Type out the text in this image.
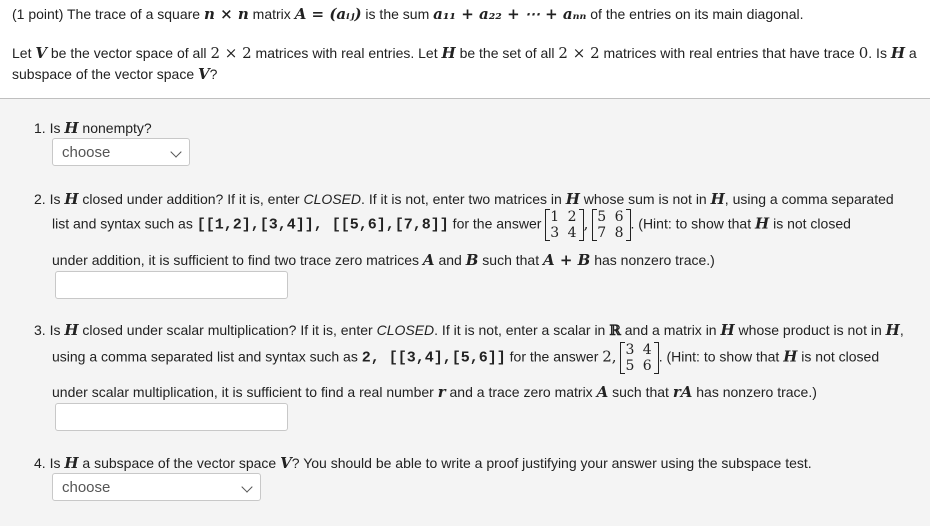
(1 point) The trace of a square n × n matrix A = (aᵢⱼ) is the sum a₁₁ + a₂₂ + ⋯ + aₙₙ of the entries on its main diagonal.
Let V be the vector space of all 2 × 2 matrices with real entries. Let H be the set of all 2 × 2 matrices with real entries that have trace 0. Is H a
subspace of the vector space V?
1. Is H nonempty?
choose
2. Is H closed under addition? If it is, enter CLOSED. If it is not, enter two matrices in H whose sum is not in H, using a comma separated
list and syntax such as [[1,2],[3,4]], [[5,6],[7,8]] for the answer 1 2
3 4
, 5 6
7 8
. (Hint: to show that H is not closed
under addition, it is sufficient to find two trace zero matrices A and B such that A + B has nonzero trace.)
3. Is H closed under scalar multiplication? If it is, enter CLOSED. If it is not, enter a scalar in ℝ and a matrix in H whose product is not in H,
using a comma separated list and syntax such as 2, [[3,4],[5,6]] for the answer 2, 3 4
5 6
. (Hint: to show that H is not closed
under scalar multiplication, it is sufficient to find a real number r and a trace zero matrix A such that rA has nonzero trace.)
4. Is H a subspace of the vector space V? You should be able to write a proof justifying your answer using the subspace test.
choose
